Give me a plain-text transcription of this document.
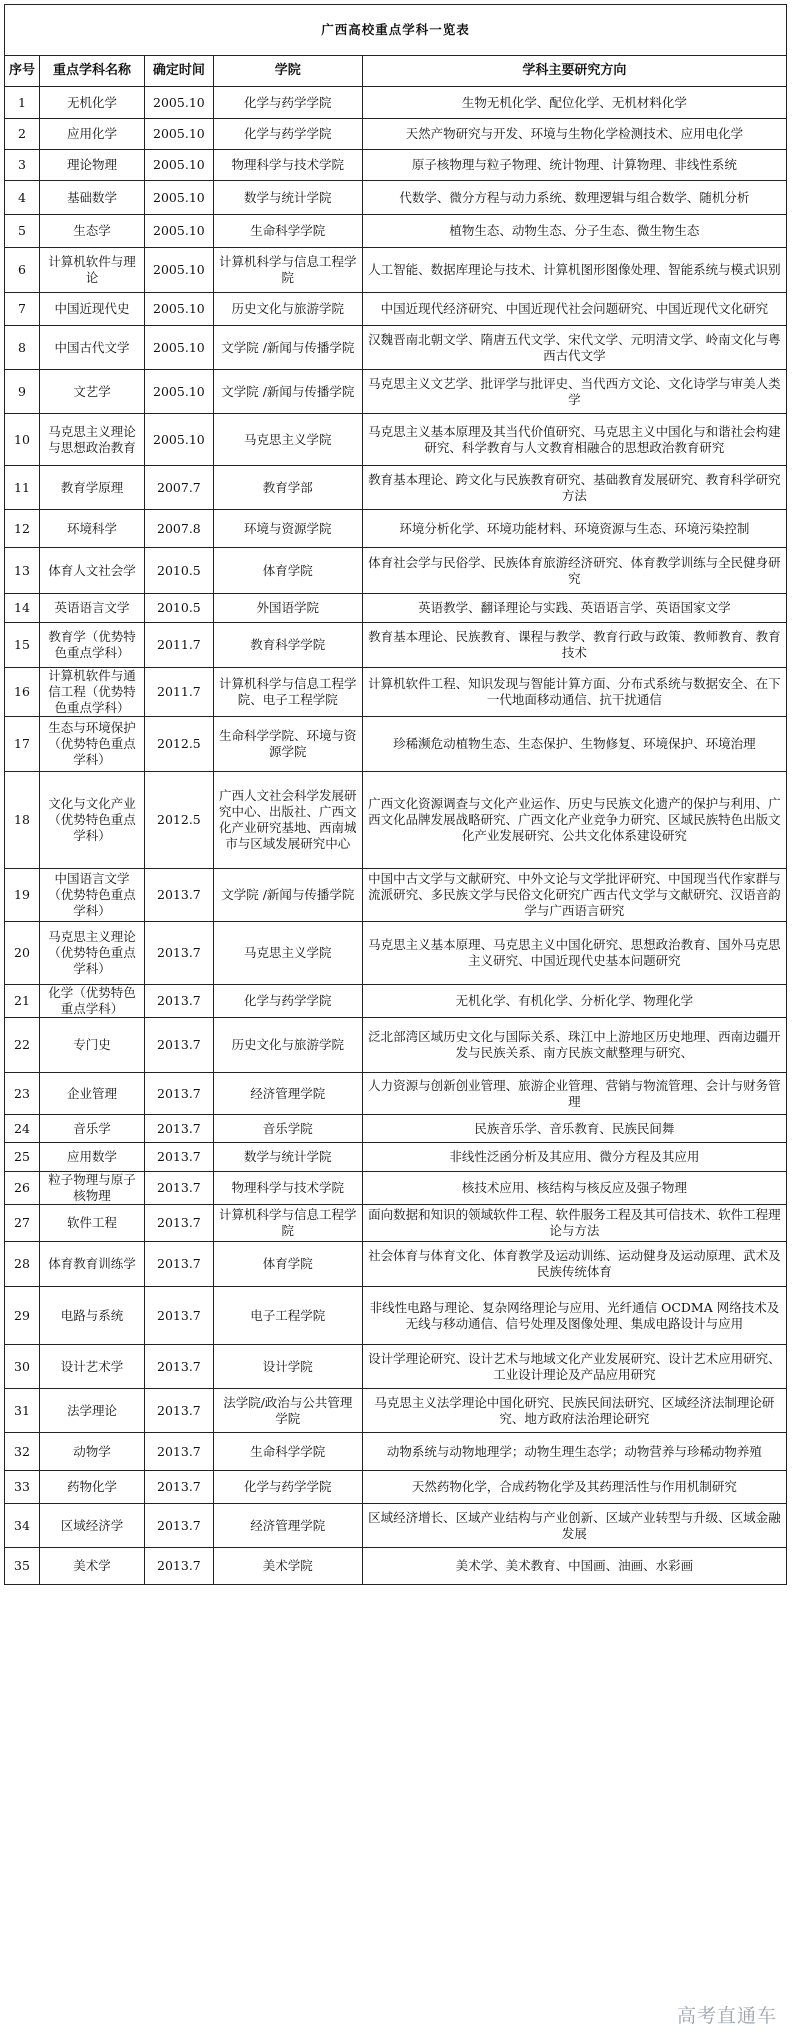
广西高校重点学科一览表				
序号	重点学科名称	确定时间	学院	学科主要研究方向
1	无机化学	2005.10	化学与药学学院	生物无机化学、配位化学、无机材料化学
2	应用化学	2005.10	化学与药学学院	天然产物研究与开发、环境与生物化学检测技术、应用电化学
3	理论物理	2005.10	物理科学与技术学院	原子核物理与粒子物理、统计物理、计算物理、非线性系统
4	基础数学	2005.10	数学与统计学院	代数学、微分方程与动力系统、数理逻辑与组合数学、随机分析
5	生态学	2005.10	生命科学学院	植物生态、动物生态、分子生态、微生物生态
6	计算机软件与理论	2005.10	计算机科学与信息工程学院	人工智能、数据库理论与技术、计算机图形图像处理、智能系统与模式识别
7	中国近现代史	2005.10	历史文化与旅游学院	中国近现代经济研究、中国近现代社会问题研究、中国近现代文化研究
8	中国古代文学	2005.10	文学院 /新闻与传播学院	汉魏晋南北朝文学、隋唐五代文学、宋代文学、元明清文学、岭南文化与粤西古代文学
9	文艺学	2005.10	文学院 /新闻与传播学院	马克思主义文艺学、批评学与批评史、当代西方文论、文化诗学与审美人类学
10	马克思主义理论与思想政治教育	2005.10	马克思主义学院	马克思主义基本原理及其当代价值研究、马克思主义中国化与和谐社会构建研究、科学教育与人文教育相融合的思想政治教育研究
11	教育学原理	2007.7	教育学部	教育基本理论、跨文化与民族教育研究、基础教育发展研究、教育科学研究方法
12	环境科学	2007.8	环境与资源学院	环境分析化学、环境功能材料、环境资源与生态、环境污染控制
13	体育人文社会学	2010.5	体育学院	体育社会学与民俗学、民族体育旅游经济研究、体育教学训练与全民健身研究
14	英语语言文学	2010.5	外国语学院	英语教学、翻译理论与实践、英语语言学、英语国家文学
15	教育学（优势特色重点学科）	2011.7	教育科学学院	教育基本理论、民族教育、课程与教学、教育行政与政策、教师教育、教育技术
16	计算机软件与通信工程（优势特色重点学科）	2011.7	计算机科学与信息工程学院、电子工程学院	计算机软件工程、知识发现与智能计算方面、分布式系统与数据安全、在下一代地面移动通信、抗干扰通信
17	生态与环境保护（优势特色重点学科）	2012.5	生命科学学院、环境与资源学院	珍稀濒危动植物生态、生态保护、生物修复、环境保护、环境治理
18	文化与文化产业（优势特色重点学科）	2012.5	广西人文社会科学发展研究中心、出版社、广西文化产业研究基地、西南城市与区域发展研究中心	广西文化资源调查与文化产业运作、历史与民族文化遗产的保护与利用、广西文化品牌发展战略研究、广西文化产业竞争力研究、区域民族特色出版文化产业发展研究、公共文化体系建设研究
19	中国语言文学（优势特色重点学科）	2013.7	文学院 /新闻与传播学院	中国中古文学与文献研究、中外文论与文学批评研究、中国现当代作家群与流派研究、多民族文学与民俗文化研究广西古代文学与文献研究、汉语音韵学与广西语言研究
20	马克思主义理论（优势特色重点学科）	2013.7	马克思主义学院	马克思主义基本原理、马克思主义中国化研究、思想政治教育、国外马克思主义研究、中国近现代史基本问题研究
21	化学（优势特色重点学科）	2013.7	化学与药学学院	无机化学、有机化学、分析化学、物理化学
22	专门史	2013.7	历史文化与旅游学院	泛北部湾区域历史文化与国际关系、珠江中上游地区历史地理、西南边疆开发与民族关系、南方民族文献整理与研究、
23	企业管理	2013.7	经济管理学院	人力资源与创新创业管理、旅游企业管理、营销与物流管理、会计与财务管理
24	音乐学	2013.7	音乐学院	民族音乐学、音乐教育、民族民间舞
25	应用数学	2013.7	数学与统计学院	非线性泛函分析及其应用、微分方程及其应用
26	粒子物理与原子核物理	2013.7	物理科学与技术学院	核技术应用、核结构与核反应及强子物理
27	软件工程	2013.7	计算机科学与信息工程学院	面向数据和知识的领域软件工程、软件服务工程及其可信技术、软件工程理论与方法
28	体育教育训练学	2013.7	体育学院	社会体育与体育文化、体育教学及运动训练、运动健身及运动原理、武术及民族传统体育
29	电路与系统	2013.7	电子工程学院	非线性电路与理论、复杂网络理论与应用、光纤通信 OCDMA 网络技术及无线与移动通信、信号处理及图像处理、集成电路设计与应用
30	设计艺术学	2013.7	设计学院	设计学理论研究、设计艺术与地域文化产业发展研究、设计艺术应用研究、工业设计理论及产品应用研究
31	法学理论	2013.7	法学院/政治与公共管理学院	马克思主义法学理论中国化研究、民族民间法研究、区域经济法制理论研究、地方政府法治理论研究
32	动物学	2013.7	生命科学学院	动物系统与动物地理学；动物生理生态学；动物营养与珍稀动物养殖
33	药物化学	2013.7	化学与药学学院	天然药物化学，合成药物化学及其药理活性与作用机制研究
34	区域经济学	2013.7	经济管理学院	区域经济增长、区域产业结构与产业创新、区域产业转型与升级、区域金融发展
35	美术学	2013.7	美术学院	美术学、美术教育、中国画、油画、水彩画
高考直通车
